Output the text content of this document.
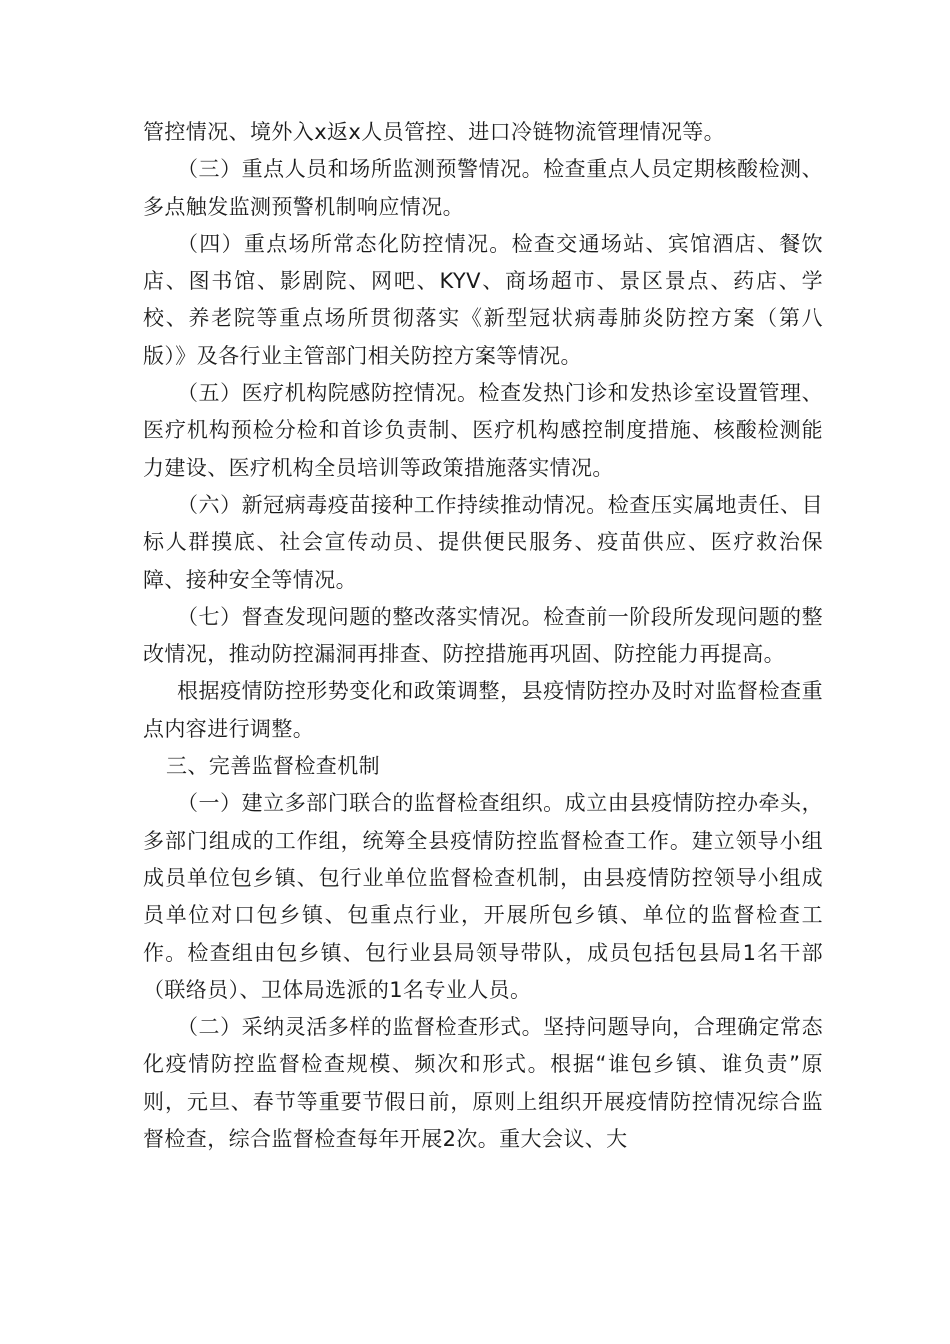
管控情况、境外入x返x人员管控、进口冷链物流管理情况等。

（三）重点人员和场所监测预警情况。检查重点人员定期核酸检测、多点触发监测预警机制响应情况。

（四）重点场所常态化防控情况。检查交通场站、宾馆酒店、餐饮店、图书馆、影剧院、网吧、KYV、商场超市、景区景点、药店、学校、养老院等重点场所贯彻落实《新型冠状病毒肺炎防控方案（第八版）》及各行业主管部门相关防控方案等情况。

（五）医疗机构院感防控情况。检查发热门诊和发热诊室设置管理、医疗机构预检分检和首诊负责制、医疗机构感控制度措施、核酸检测能力建设、医疗机构全员培训等政策措施落实情况。

（六）新冠病毒疫苗接种工作持续推动情况。检查压实属地责任、目标人群摸底、社会宣传动员、提供便民服务、疫苗供应、医疗救治保障、接种安全等情况。

（七）督查发现问题的整改落实情况。检查前一阶段所发现问题的整改情况，推动防控漏洞再排查、防控措施再巩固、防控能力再提高。

根据疫情防控形势变化和政策调整，县疫情防控办及时对监督检查重点内容进行调整。

三、完善监督检查机制

（一）建立多部门联合的监督检查组织。成立由县疫情防控办牵头，多部门组成的工作组，统筹全县疫情防控监督检查工作。建立领导小组成员单位包乡镇、包行业单位监督检查机制，由县疫情防控领导小组成员单位对口包乡镇、包重点行业，开展所包乡镇、单位的监督检查工作。检查组由包乡镇、包行业县局领导带队，成员包括包县局1名干部（联络员）、卫体局选派的1名专业人员。

（二）采纳灵活多样的监督检查形式。坚持问题导向，合理确定常态化疫情防控监督检查规模、频次和形式。根据“谁包乡镇、谁负责”原则，元旦、春节等重要节假日前，原则上组织开展疫情防控情况综合监督检查，综合监督检查每年开展2次。重大会议、大
